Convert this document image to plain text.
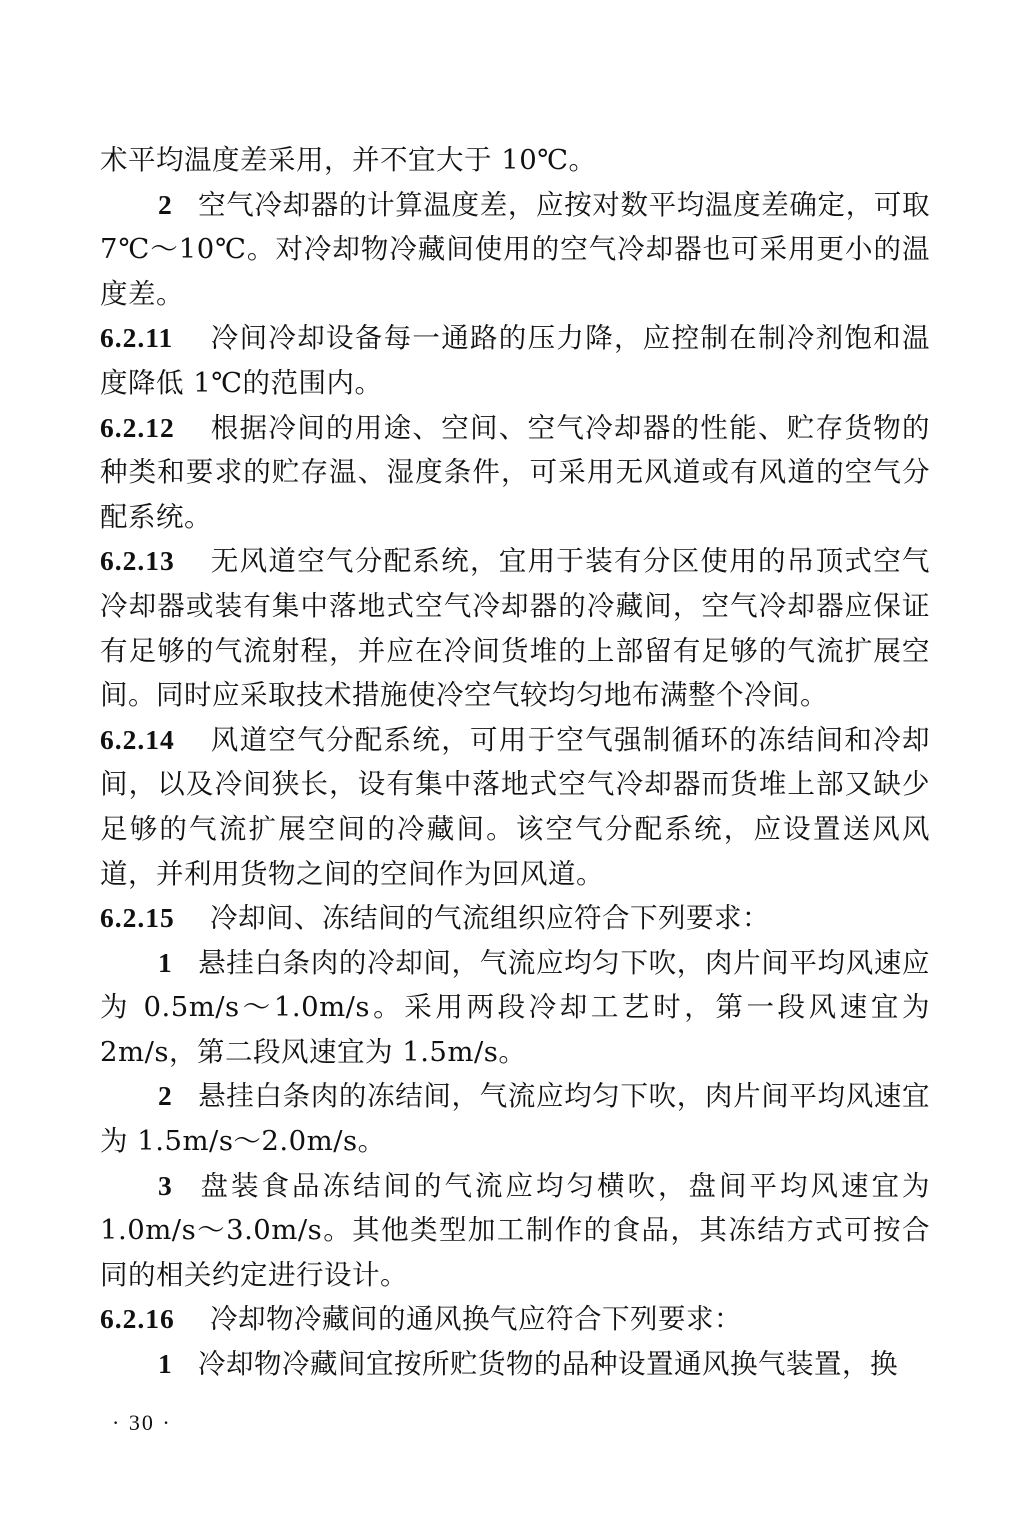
术平均温度差采用，并不宜大于 10℃。

2 空气冷却器的计算温度差，应按对数平均温度差确定，可取 7℃～10℃。对冷却物冷藏间使用的空气冷却器也可采用更小的温度差。

6.2.11 冷间冷却设备每一通路的压力降，应控制在制冷剂饱和温度降低 1℃的范围内。

6.2.12 根据冷间的用途、空间、空气冷却器的性能、贮存货物的种类和要求的贮存温、湿度条件，可采用无风道或有风道的空气分配系统。

6.2.13 无风道空气分配系统，宜用于装有分区使用的吊顶式空气冷却器或装有集中落地式空气冷却器的冷藏间，空气冷却器应保证有足够的气流射程，并应在冷间货堆的上部留有足够的气流扩展空间。同时应采取技术措施使冷空气较均匀地布满整个冷间。

6.2.14 风道空气分配系统，可用于空气强制循环的冻结间和冷却间，以及冷间狭长，设有集中落地式空气冷却器而货堆上部又缺少足够的气流扩展空间的冷藏间。该空气分配系统，应设置送风风道，并利用货物之间的空间作为回风道。

6.2.15 冷却间、冻结间的气流组织应符合下列要求：

1 悬挂白条肉的冷却间，气流应均匀下吹，肉片间平均风速应为 0.5m/s～1.0m/s。采用两段冷却工艺时，第一段风速宜为 2m/s，第二段风速宜为 1.5m/s。

2 悬挂白条肉的冻结间，气流应均匀下吹，肉片间平均风速宜为 1.5m/s～2.0m/s。

3 盘装食品冻结间的气流应均匀横吹，盘间平均风速宜为 1.0m/s～3.0m/s。其他类型加工制作的食品，其冻结方式可按合同的相关约定进行设计。

6.2.16 冷却物冷藏间的通风换气应符合下列要求：

1 冷却物冷藏间宜按所贮货物的品种设置通风换气装置，换

· 30 ·
